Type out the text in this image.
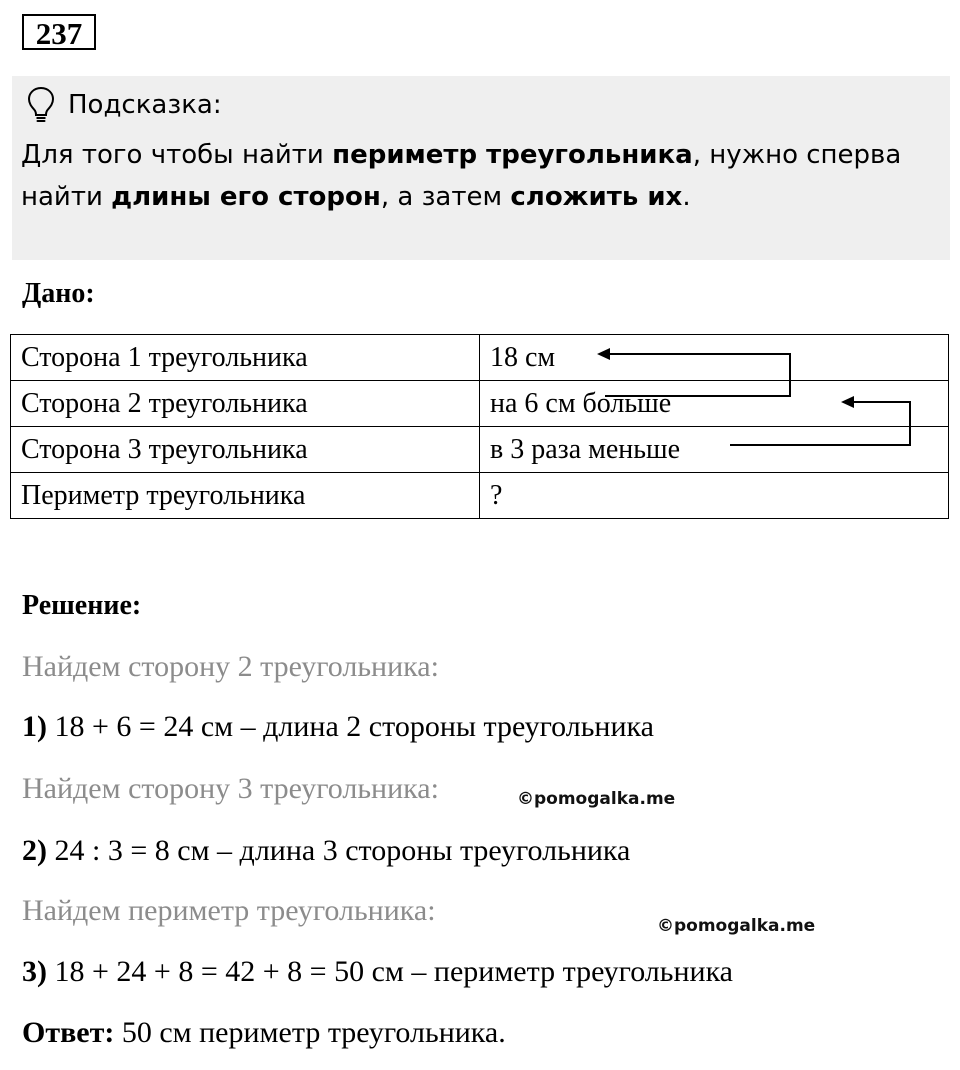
237
Подсказка:
Для того чтобы найти периметр треугольника, нужно сперва найти длины его сторон, а затем сложить их.
Дано:
Сторона 1 треугольника	18 см
Сторона 2 треугольника	на 6 см больше
Сторона 3 треугольника	в 3 раза меньше
Периметр треугольника	?
Решение:
Найдем сторону 2 треугольника:
1) 18 + 6 = 24 см – длина 2 стороны треугольника
Найдем сторону 3 треугольника:	©pomogalka.me
2) 24 : 3 = 8 см – длина 3 стороны треугольника
Найдем периметр треугольника:	©pomogalka.me
3) 18 + 24 + 8 = 42 + 8 = 50 см – периметр треугольника
Ответ: 50 см периметр треугольника.
